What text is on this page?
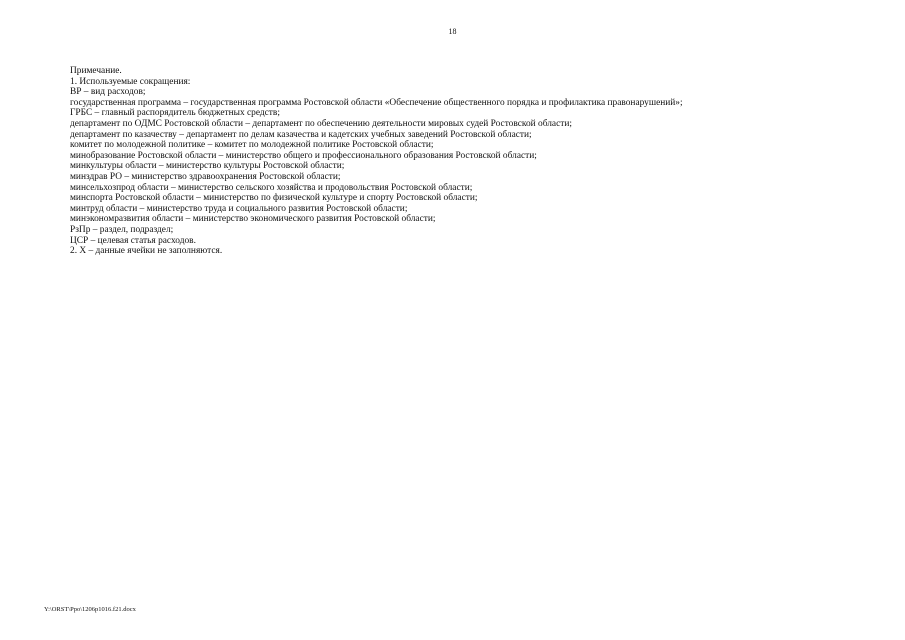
18
Примечание.
1. Используемые сокращения:
ВР – вид расходов;
государственная программа – государственная программа Ростовской области «Обеспечение общественного порядка и профилактика правонарушений»;
ГРБС – главный распорядитель бюджетных средств;
департамент по ОДМС Ростовской области – департамент по обеспечению деятельности мировых судей Ростовской области;
департамент по казачеству – департамент по делам казачества и кадетских учебных заведений Ростовской области;
комитет по молодежной политике – комитет по молодежной политике Ростовской области;
минобразование Ростовской области – министерство общего и профессионального образования Ростовской области;
минкультуры области – министерство культуры Ростовской области;
минздрав РО – министерство здравоохранения Ростовской области;
минсельхозпрод области – министерство сельского хозяйства и продовольствия Ростовской области;
минспорта Ростовской области – министерство по физической культуре и спорту Ростовской области;
минтруд области – министерство труда и социального развития Ростовской области;
минэкономразвития области – министерство экономического развития Ростовской области;
РзПр – раздел, подраздел;
ЦСР – целевая статья расходов.
2. Х – данные ячейки не заполняются.
Y:\ORST\Ppo\1206p1016.f21.docx
